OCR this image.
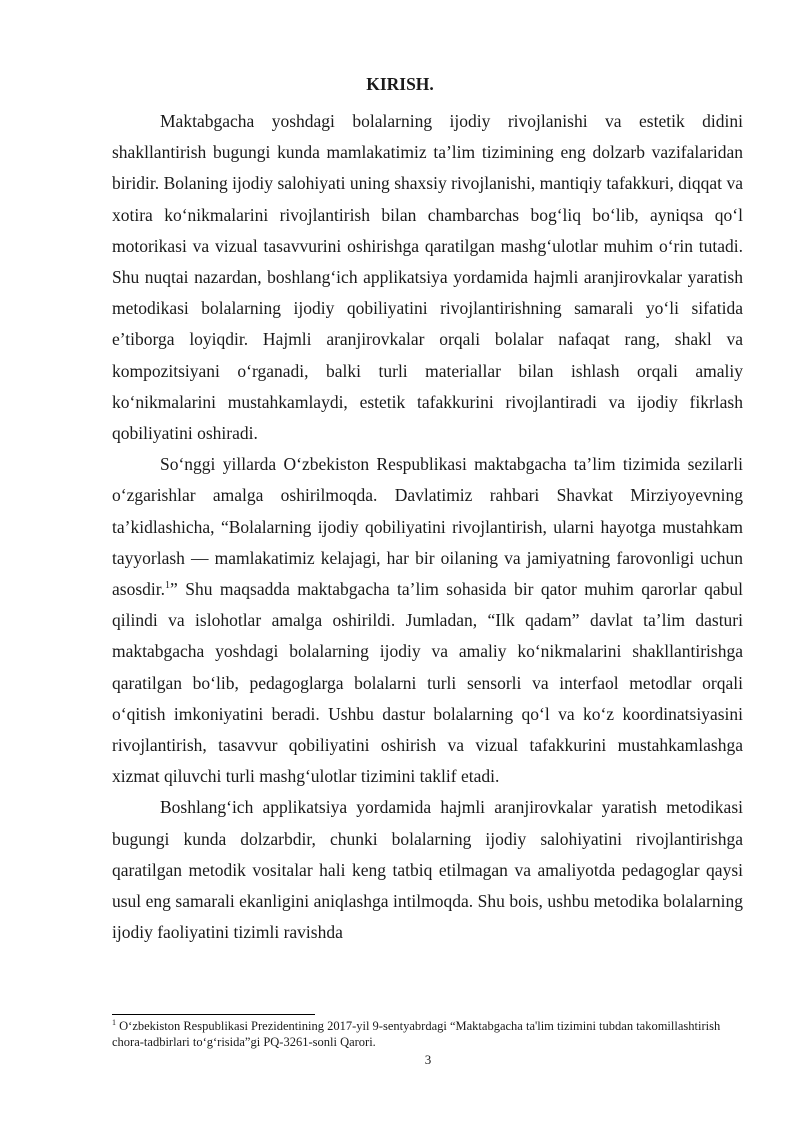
KIRISH.

Maktabgacha yoshdagi bolalarning ijodiy rivojlanishi va estetik didini shakllantirish bugungi kunda mamlakatimiz ta’lim tizimining eng dolzarb vazifalaridan biridir. Bolaning ijodiy salohiyati uning shaxsiy rivojlanishi, mantiqiy tafakkuri, diqqat va xotira ko‘nikmalarini rivojlantirish bilan chambarchas bog‘liq bo‘lib, ayniqsa qo‘l motorikasi va vizual tasavvurini oshirishga qaratilgan mashg‘ulotlar muhim o‘rin tutadi. Shu nuqtai nazardan, boshlang‘ich applikatsiya yordamida hajmli aranjirovkalar yaratish metodikasi bolalarning ijodiy qobiliyatini rivojlantirishning samarali yo‘li sifatida e’tiborga loyiqdir. Hajmli aranjirovkalar orqali bolalar nafaqat rang, shakl va kompozitsiyani o‘rganadi, balki turli materiallar bilan ishlash orqali amaliy ko‘nikmalarini mustahkamlaydi, estetik tafakkurini rivojlantiradi va ijodiy fikrlash qobiliyatini oshiradi.

So‘nggi yillarda O‘zbekiston Respublikasi maktabgacha ta’lim tizimida sezilarli o‘zgarishlar amalga oshirilmoqda. Davlatimiz rahbari Shavkat Mirziyoyevning ta’kidlashicha, “Bolalarning ijodiy qobiliyatini rivojlantirish, ularni hayotga mustahkam tayyorlash — mamlakatimiz kelajagi, har bir oilaning va jamiyatning farovonligi uchun asosdir.$^1$” Shu maqsadda maktabgacha ta’lim sohasida bir qator muhim qarorlar qabul qilindi va islohotlar amalga oshirildi. Jumladan, “Ilk qadam” davlat ta’lim dasturi maktabgacha yoshdagi bolalarning ijodiy va amaliy ko‘nikmalarini shakllantirishga qaratilgan bo‘lib, pedagoglarga bolalarni turli sensorli va interfaol metodlar orqali o‘qitish imkoniyatini beradi. Ushbu dastur bolalarning qo‘l va ko‘z koordinatsiyasini rivojlantirish, tasavvur qobiliyatini oshirish va vizual tafakkurini mustahkamlashga xizmat qiluvchi turli mashg‘ulotlar tizimini taklif etadi.

Boshlang‘ich applikatsiya yordamida hajmli aranjirovkalar yaratish metodikasi bugungi kunda dolzarbdir, chunki bolalarning ijodiy salohiyatini rivojlantirishga qaratilgan metodik vositalar hali keng tatbiq etilmagan va amaliyotda pedagoglar qaysi usul eng samarali ekanligini aniqlashga intilmoqda. Shu bois, ushbu metodika bolalarning ijodiy faoliyatini tizimli ravishda

$^1$ O‘zbekiston Respublikasi Prezidentining 2017-yil 9-sentyabrdagi “Maktabgacha ta'lim tizimini tubdan takomillashtirish chora-tadbirlari to‘g‘risida”gi PQ-3261-sonli Qarori.

3
